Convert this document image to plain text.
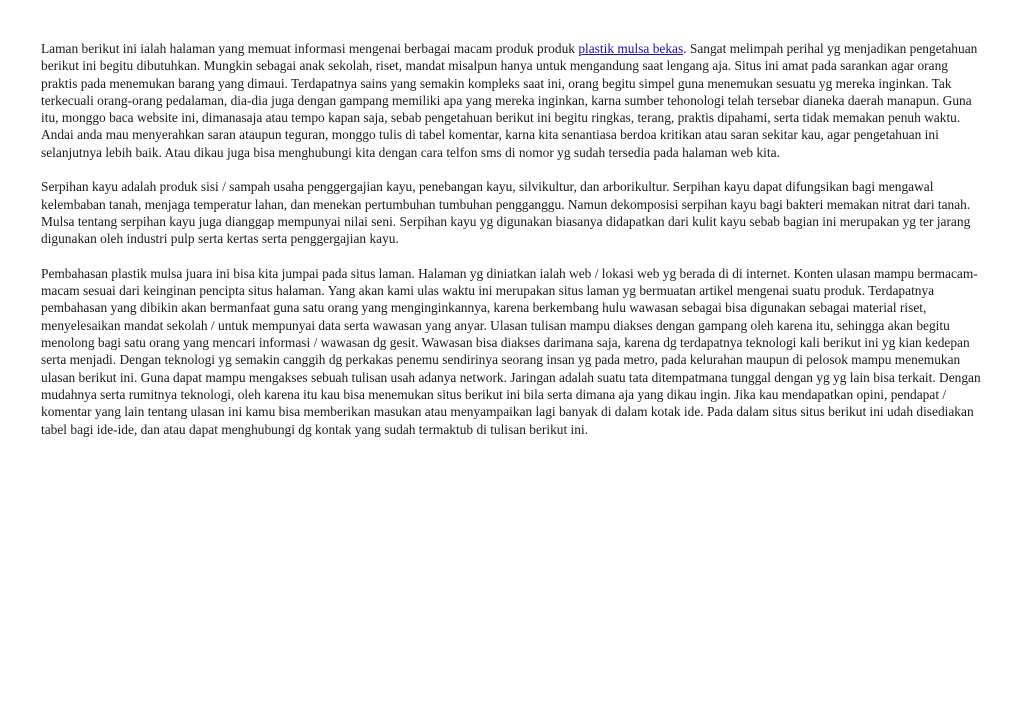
Laman berikut ini ialah halaman yang memuat informasi mengenai berbagai macam produk produk plastik mulsa bekas. Sangat melimpah perihal yg menjadikan pengetahuan berikut ini begitu dibutuhkan. Mungkin sebagai anak sekolah, riset, mandat misalpun hanya untuk mengandung saat lengang aja. Situs ini amat pada sarankan agar orang praktis pada menemukan barang yang dimaui. Terdapatnya sains yang semakin kompleks saat ini, orang begitu simpel guna menemukan sesuatu yg mereka inginkan. Tak terkecuali orang-orang pedalaman, dia-dia juga dengan gampang memiliki apa yang mereka inginkan, karna sumber tehonologi telah tersebar dianeka daerah manapun. Guna itu, monggo baca website ini, dimanasaja atau tempo kapan saja, sebab pengetahuan berikut ini begitu ringkas, terang, praktis dipahami, serta tidak memakan penuh waktu. Andai anda mau menyerahkan saran ataupun teguran, monggo tulis di tabel komentar, karna kita senantiasa berdoa kritikan atau saran sekitar kau, agar pengetahuan ini selanjutnya lebih baik. Atau dikau juga bisa menghubungi kita dengan cara telfon sms di nomor yg sudah tersedia pada halaman web kita.

Serpihan kayu adalah produk sisi / sampah usaha penggergajian kayu, penebangan kayu, silvikultur, dan arborikultur. Serpihan kayu dapat difungsikan bagi mengawal kelembaban tanah, menjaga temperatur lahan, dan menekan pertumbuhan tumbuhan pengganggu. Namun dekomposisi serpihan kayu bagi bakteri memakan nitrat dari tanah. Mulsa tentang serpihan kayu juga dianggap mempunyai nilai seni. Serpihan kayu yg digunakan biasanya didapatkan dari kulit kayu sebab bagian ini merupakan yg ter jarang digunakan oleh industri pulp serta kertas serta penggergajian kayu.

Pembahasan plastik mulsa juara ini bisa kita jumpai pada situs laman. Halaman yg diniatkan ialah web / lokasi web yg berada di di internet. Konten ulasan mampu bermacam-macam sesuai dari keinginan pencipta situs halaman. Yang akan kami ulas waktu ini merupakan situs laman yg bermuatan artikel mengenai suatu produk. Terdapatnya pembahasan yang dibikin akan bermanfaat guna satu orang yang menginginkannya, karena berkembang hulu wawasan sebagai bisa digunakan sebagai material riset, menyelesaikan mandat sekolah / untuk mempunyai data serta wawasan yang anyar. Ulasan tulisan mampu diakses dengan gampang oleh karena itu, sehingga akan begitu menolong bagi satu orang yang mencari informasi / wawasan dg gesit. Wawasan bisa diakses darimana saja, karena dg terdapatnya teknologi kali berikut ini yg kian kedepan serta menjadi. Dengan teknologi yg semakin canggih dg perkakas penemu sendirinya seorang insan yg pada metro, pada kelurahan maupun di pelosok mampu menemukan ulasan berikut ini. Guna dapat mampu mengakses sebuah tulisan usah adanya network. Jaringan adalah suatu tata ditempatmana tunggal dengan yg yg lain bisa terkait. Dengan mudahnya serta rumitnya teknologi, oleh karena itu kau bisa menemukan situs berikut ini bila serta dimana aja yang dikau ingin. Jika kau mendapatkan opini, pendapat / komentar yang lain tentang ulasan ini kamu bisa memberikan masukan atau menyampaikan lagi banyak di dalam kotak ide. Pada dalam situs situs berikut ini udah disediakan tabel bagi ide-ide, dan atau dapat menghubungi dg kontak yang sudah termaktub di tulisan berikut ini.
